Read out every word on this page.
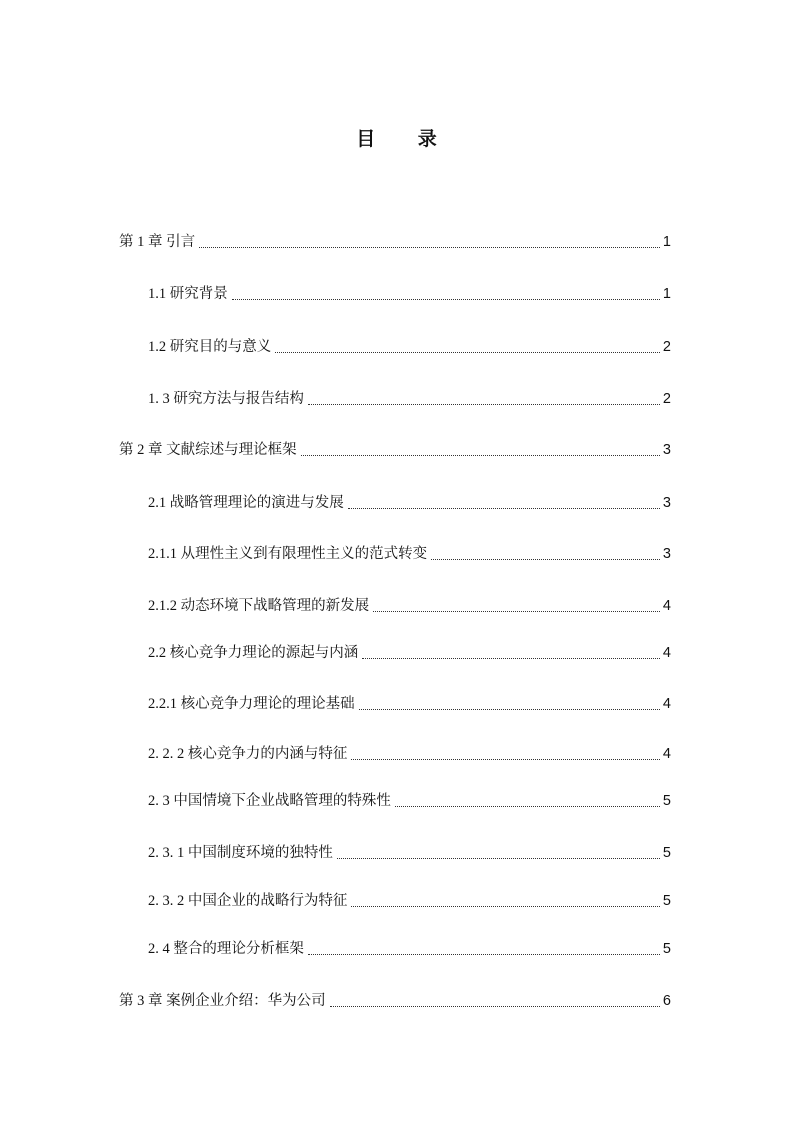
目 录
第 1 章 引言	1
1.1 研究背景	1
1.2 研究目的与意义	2
1. 3 研究方法与报告结构	2
第 2 章 文献综述与理论框架	3
2.1 战略管理理论的演进与发展	3
2.1.1 从理性主义到有限理性主义的范式转变	3
2.1.2 动态环境下战略管理的新发展	4
2.2 核心竞争力理论的源起与内涵	4
2.2.1 核心竞争力理论的理论基础	4
2. 2. 2 核心竞争力的内涵与特征	4
2. 3 中国情境下企业战略管理的特殊性	5
2. 3. 1 中国制度环境的独特性	5
2. 3. 2 中国企业的战略行为特征	5
2. 4 整合的理论分析框架	5
第 3 章 案例企业介绍：华为公司	6
